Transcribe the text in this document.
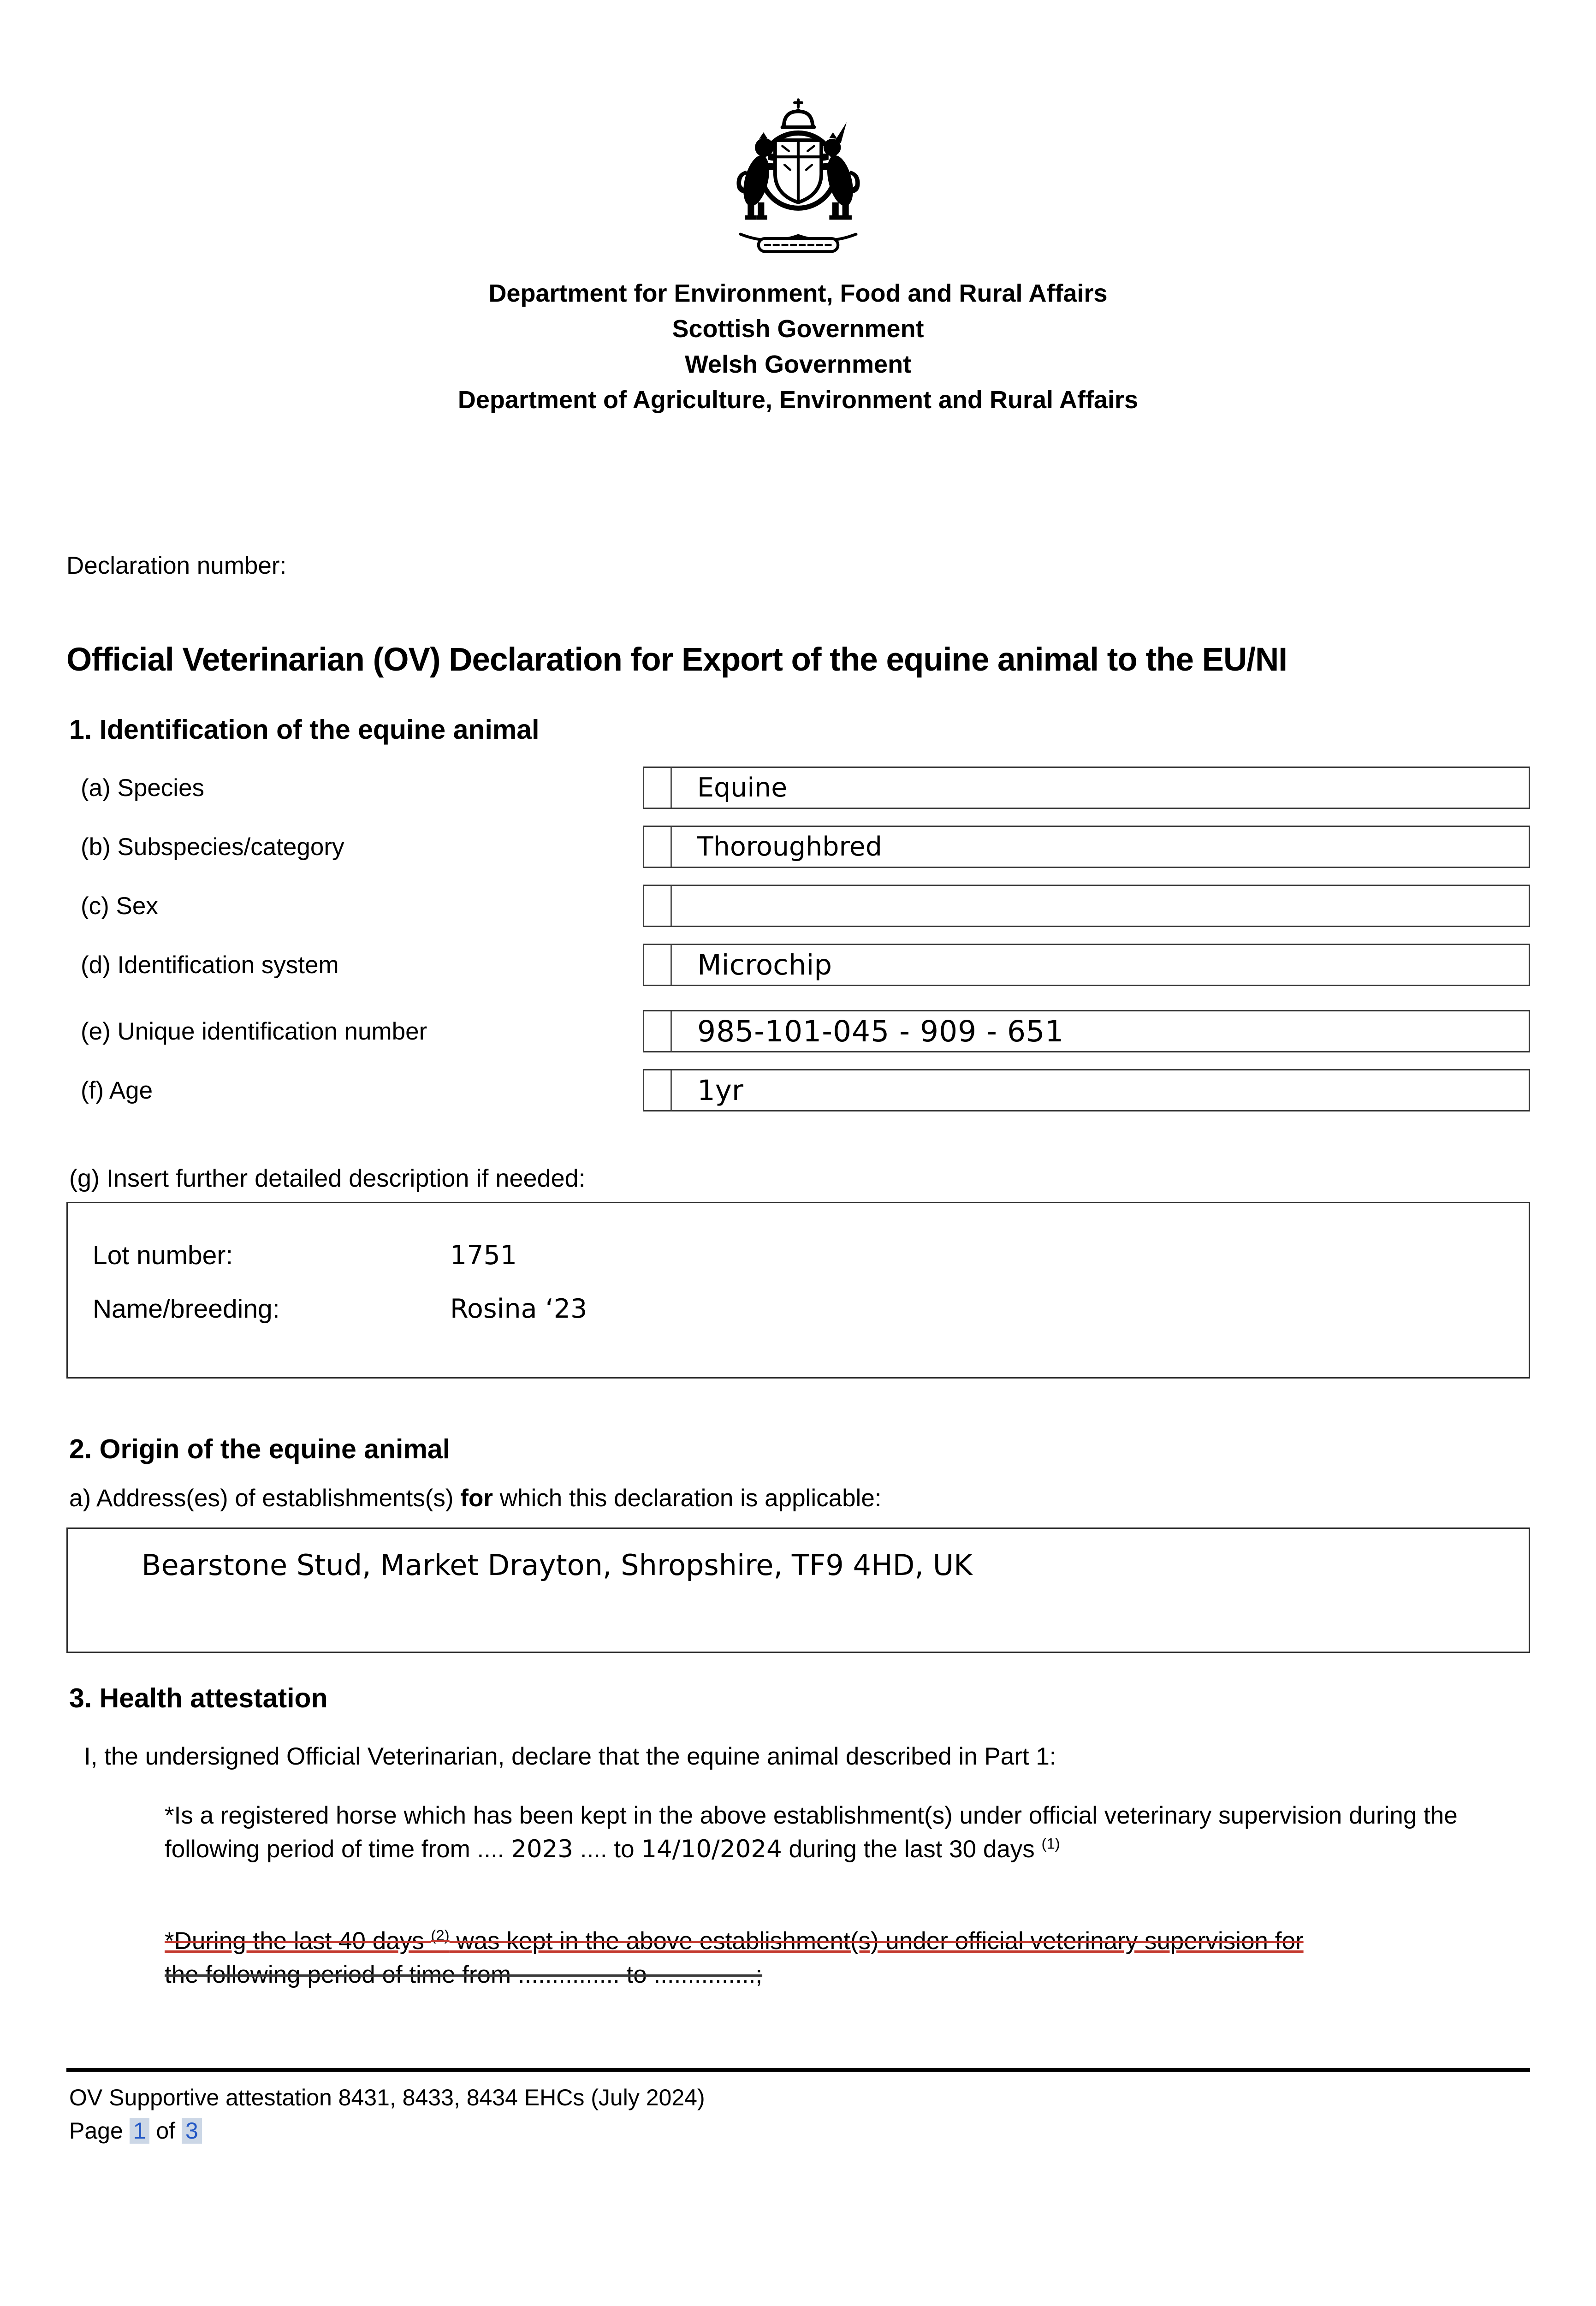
Department for Environment, Food and Rural Affairs
Scottish Government
Welsh Government
Department of Agriculture, Environment and Rural Affairs
Declaration number:
Official Veterinarian (OV) Declaration for Export of the equine animal to the EU/NI
1. Identification of the equine animal
(a) Species	Equine
(b) Subspecies/category	Thoroughbred
(c) Sex
(d) Identification system	Microchip
(e) Unique identification number	985-101-045 - 909 - 651
(f) Age	1yr
(g) Insert further detailed description if needed:
Lot number:	1751
Name/breeding:	Rosina ‘23
2. Origin of the equine animal
a) Address(es) of establishments(s) for which this declaration is applicable:
Bearstone Stud, Market Drayton, Shropshire, TF9 4HD, UK
3. Health attestation
I, the undersigned Official Veterinarian, declare that the equine animal described in Part 1:
*Is a registered horse which has been kept in the above establishment(s) under official veterinary supervision during the following period of time from .... 2023 .... to 14/10/2024 during the last 30 days $^{(1)}$
*During the last 40 days $^{(2)}$ was kept in the above establishment(s) under official veterinary supervision for
the following period of time from ............... to ...............;
OV Supportive attestation 8431, 8433, 8434 EHCs (July 2024)
Page 1 of 3
